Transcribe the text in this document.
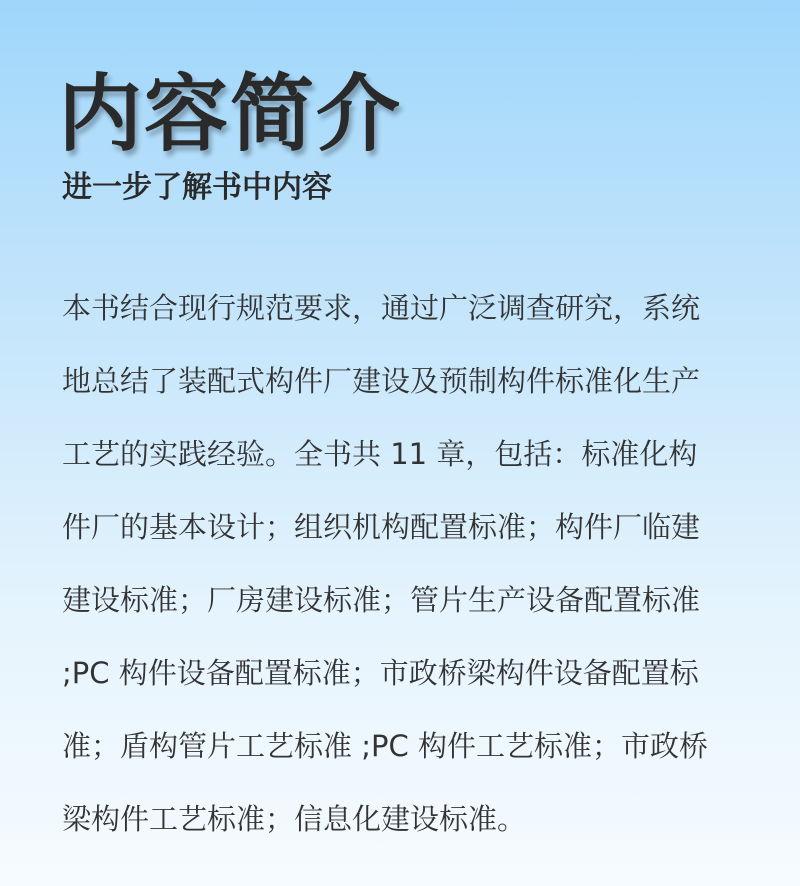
内容简介
进一步了解书中内容
本书结合现行规范要求，通过广泛调查研究，系统
地总结了装配式构件厂建设及预制构件标准化生产
工艺的实践经验。全书共 11 章，包括：标准化构
件厂的基本设计；组织机构配置标准；构件厂临建
建设标准；厂房建设标准；管片生产设备配置标准
;PC 构件设备配置标准；市政桥梁构件设备配置标
准；盾构管片工艺标准 ;PC 构件工艺标准；市政桥
梁构件工艺标准；信息化建设标准。
